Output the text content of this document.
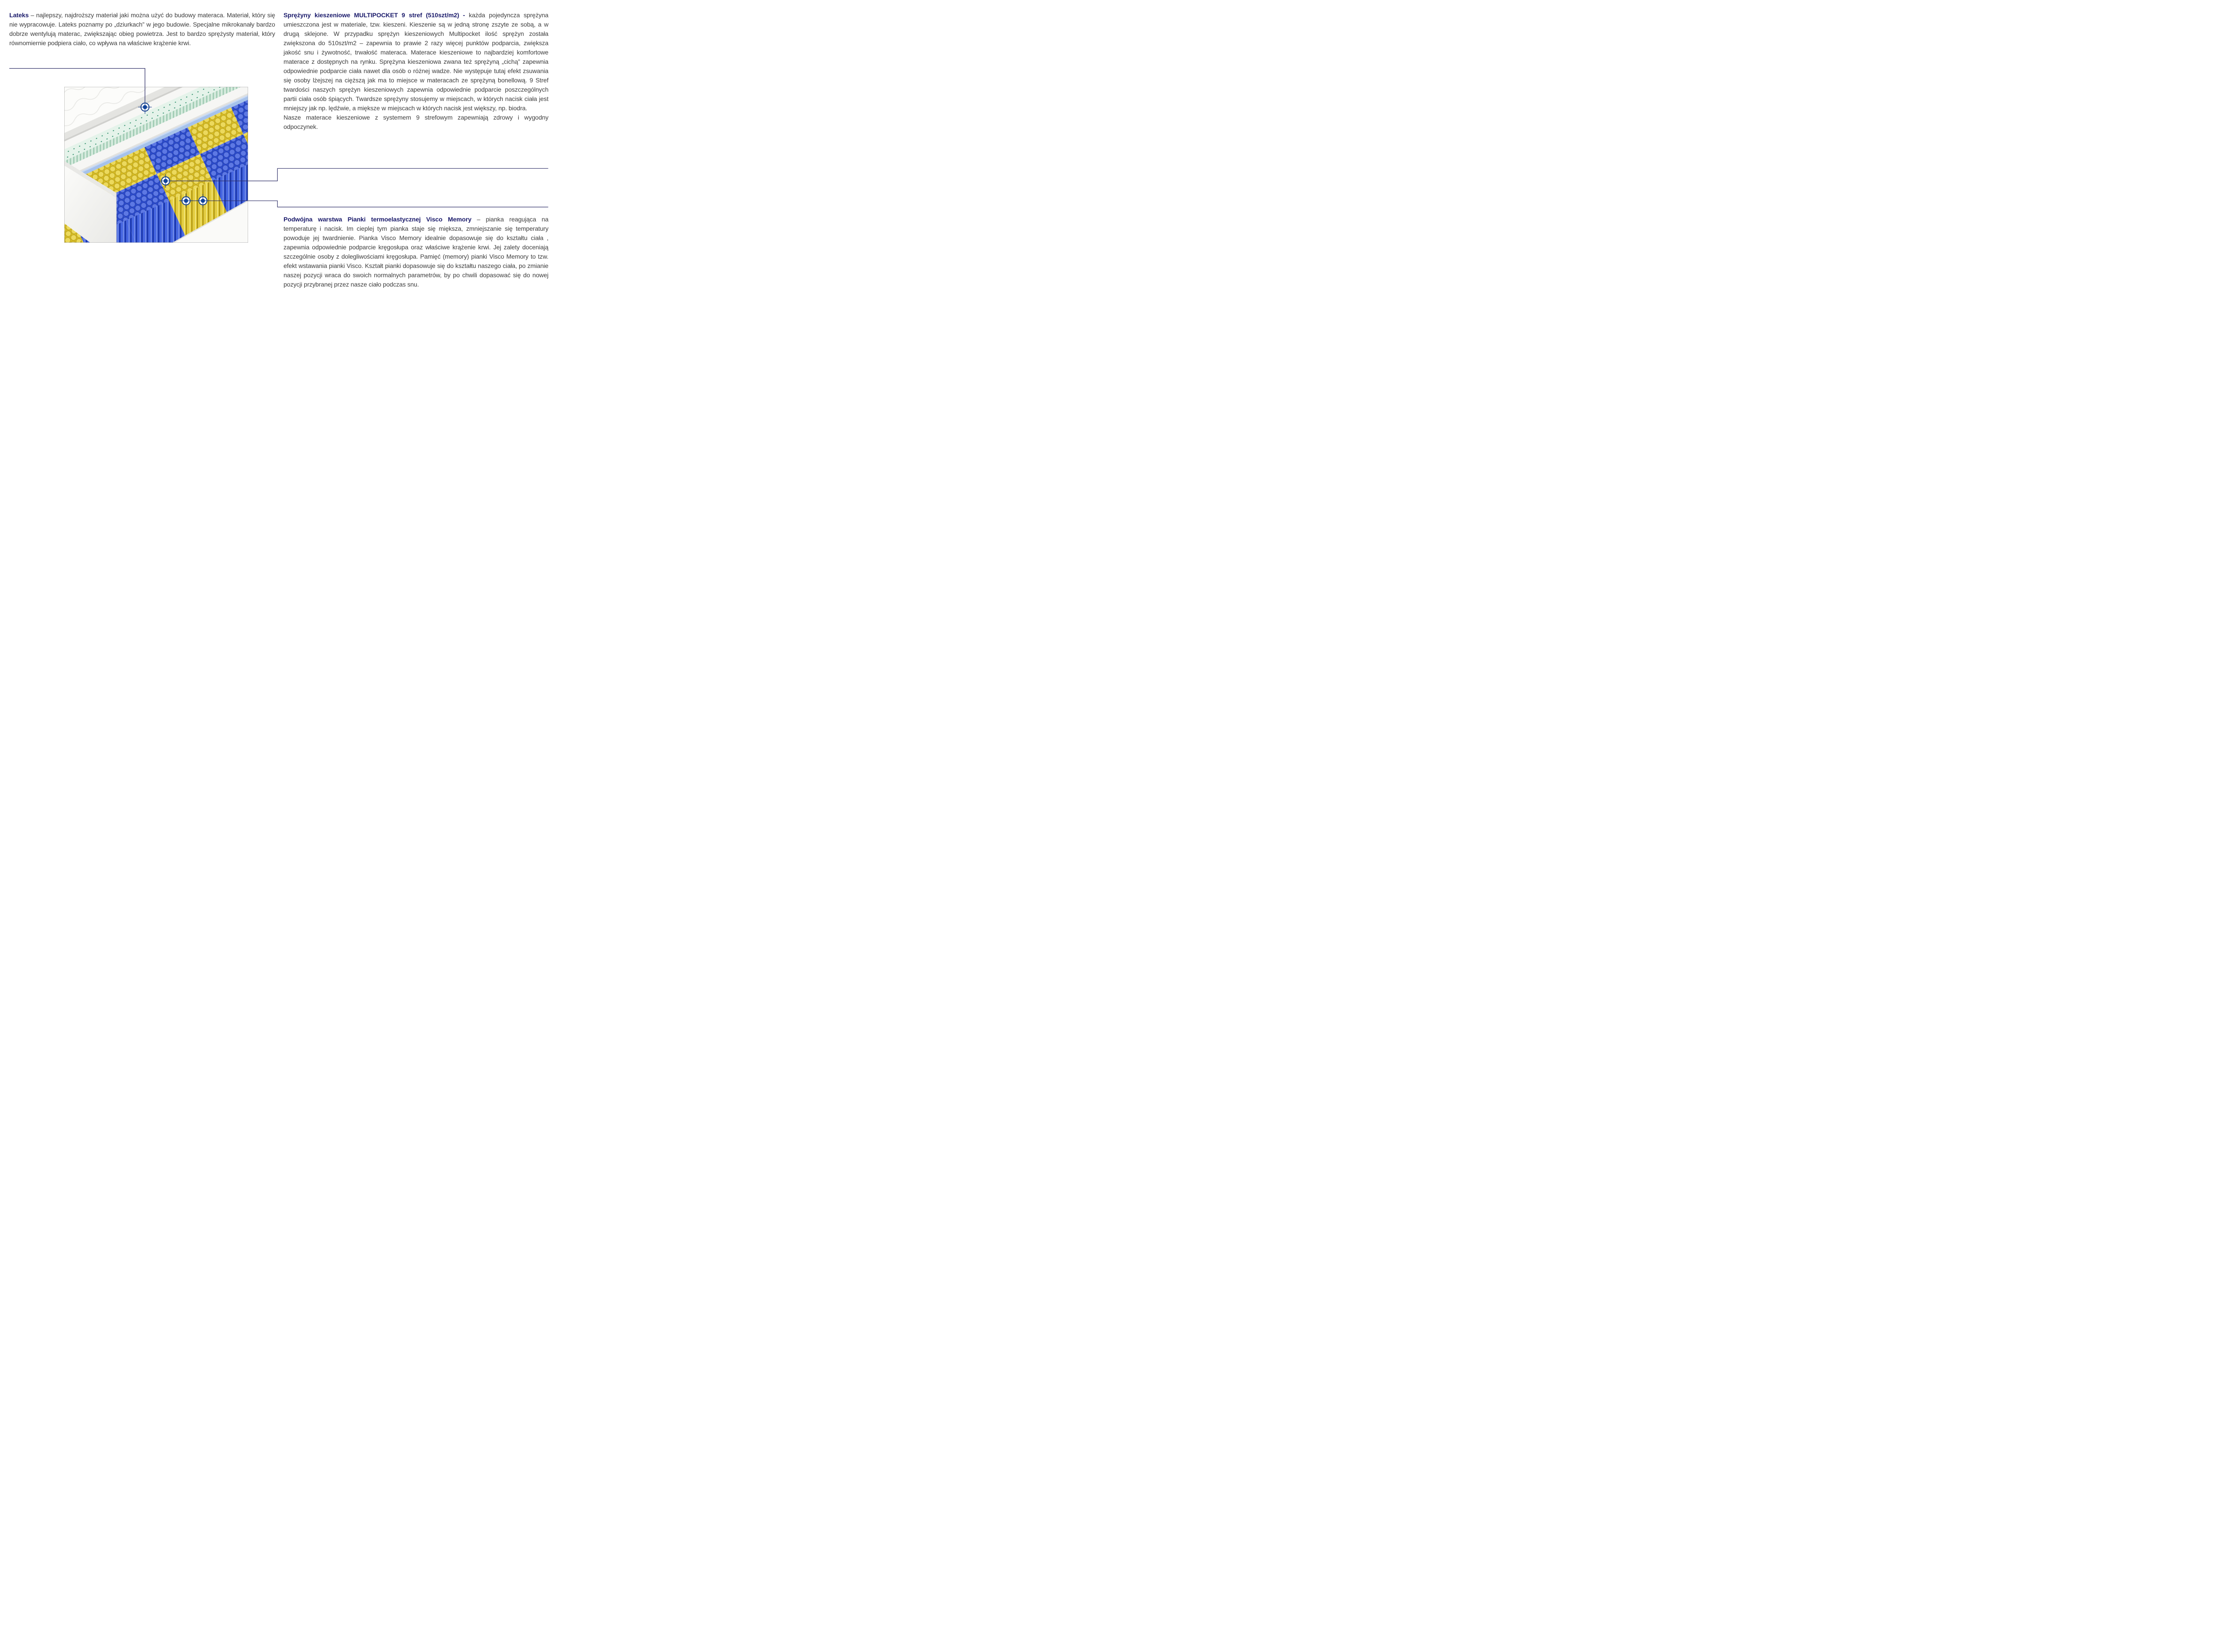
Lateks – najlepszy, najdroższy materiał jaki można użyć do budowy materaca. Materiał, który się nie wypracowuje. Lateks poznamy po „dziurkach” w jego budowie. Specjalne mikrokanały bardzo dobrze wentylują materac, zwiększając obieg powietrza. Jest to bardzo sprężysty materiał, który równomiernie podpiera ciało, co wpływa na właściwe krążenie krwi.

Sprężyny kieszeniowe MULTIPOCKET 9 stref (510szt/m2) - każda pojedyncza sprężyna umieszczona jest w materiale, tzw. kieszeni. Kieszenie są w jedną stronę zszyte ze sobą, a w drugą sklejone. W przypadku sprężyn kieszeniowych Multipocket ilość sprężyn została zwiększona do 510szt/m2 – zapewnia to prawie 2 razy więcej punktów podparcia, zwiększa jakość snu i żywotność, trwałość materaca. Materace kieszeniowe to najbardziej komfortowe materace z dostępnych na rynku. Sprężyna kieszeniowa zwana też sprężyną „cichą” zapewnia odpowiednie podparcie ciała nawet dla osób o różnej wadze. Nie występuje tutaj efekt zsuwania się osoby lżejszej na cięższą jak ma to miejsce w materacach ze sprężyną bonellową. 9 Stref twardości naszych sprężyn kieszeniowych zapewnia odpowiednie podparcie poszczególnych partii ciała osób śpiących. Twardsze sprężyny stosujemy w miejscach, w których nacisk ciała jest mniejszy jak np. lędźwie, a miększe w miejscach w których nacisk jest większy, np. biodra.
Nasze materace kieszeniowe z systemem 9 strefowym zapewniają zdrowy i wygodny odpoczynek.

Podwójna warstwa Pianki termoelastycznej Visco Memory – pianka reagująca na temperaturę i nacisk. Im cieplej tym pianka staje się miększa, zmniejszanie się temperatury powoduje jej twardnienie. Pianka Visco Memory idealnie dopasowuje się do kształtu ciała , zapewnia odpowiednie podparcie kręgosłupa oraz właściwe krążenie krwi. Jej zalety doceniają szczególnie osoby z dolegliwościami kręgosłupa. Pamięć (memory) pianki Visco Memory to tzw. efekt wstawania pianki Visco. Kształt pianki dopasowuje się do kształtu naszego ciała, po zmianie naszej pozycji wraca do swoich normalnych parametrów, by po chwili dopasować się do nowej pozycji przybranej przez nasze ciało podczas snu.
